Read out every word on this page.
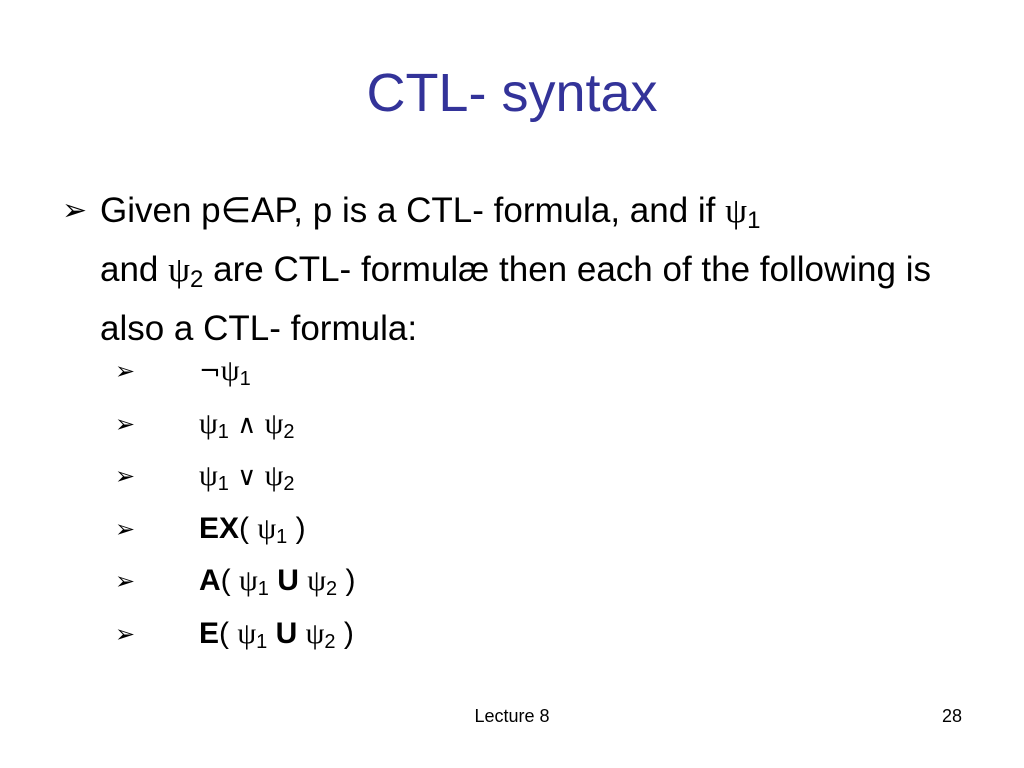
CTL- syntax
➢ Given p∈AP, p is a CTL- formula, and if $\psi_1$
and $\psi_2$ are CTL- formulæ then each of the following is also a CTL- formula:
➢ $\neg\psi_1$
➢ $\psi_1$ ∧ $\psi_2$
➢ $\psi_1$ ∨ $\psi_2$
➢ EX( $\psi_1$ )
➢ A( $\psi_1$ U $\psi_2$ )
➢ E( $\psi_1$ U $\psi_2$ )
Lecture 8	28
